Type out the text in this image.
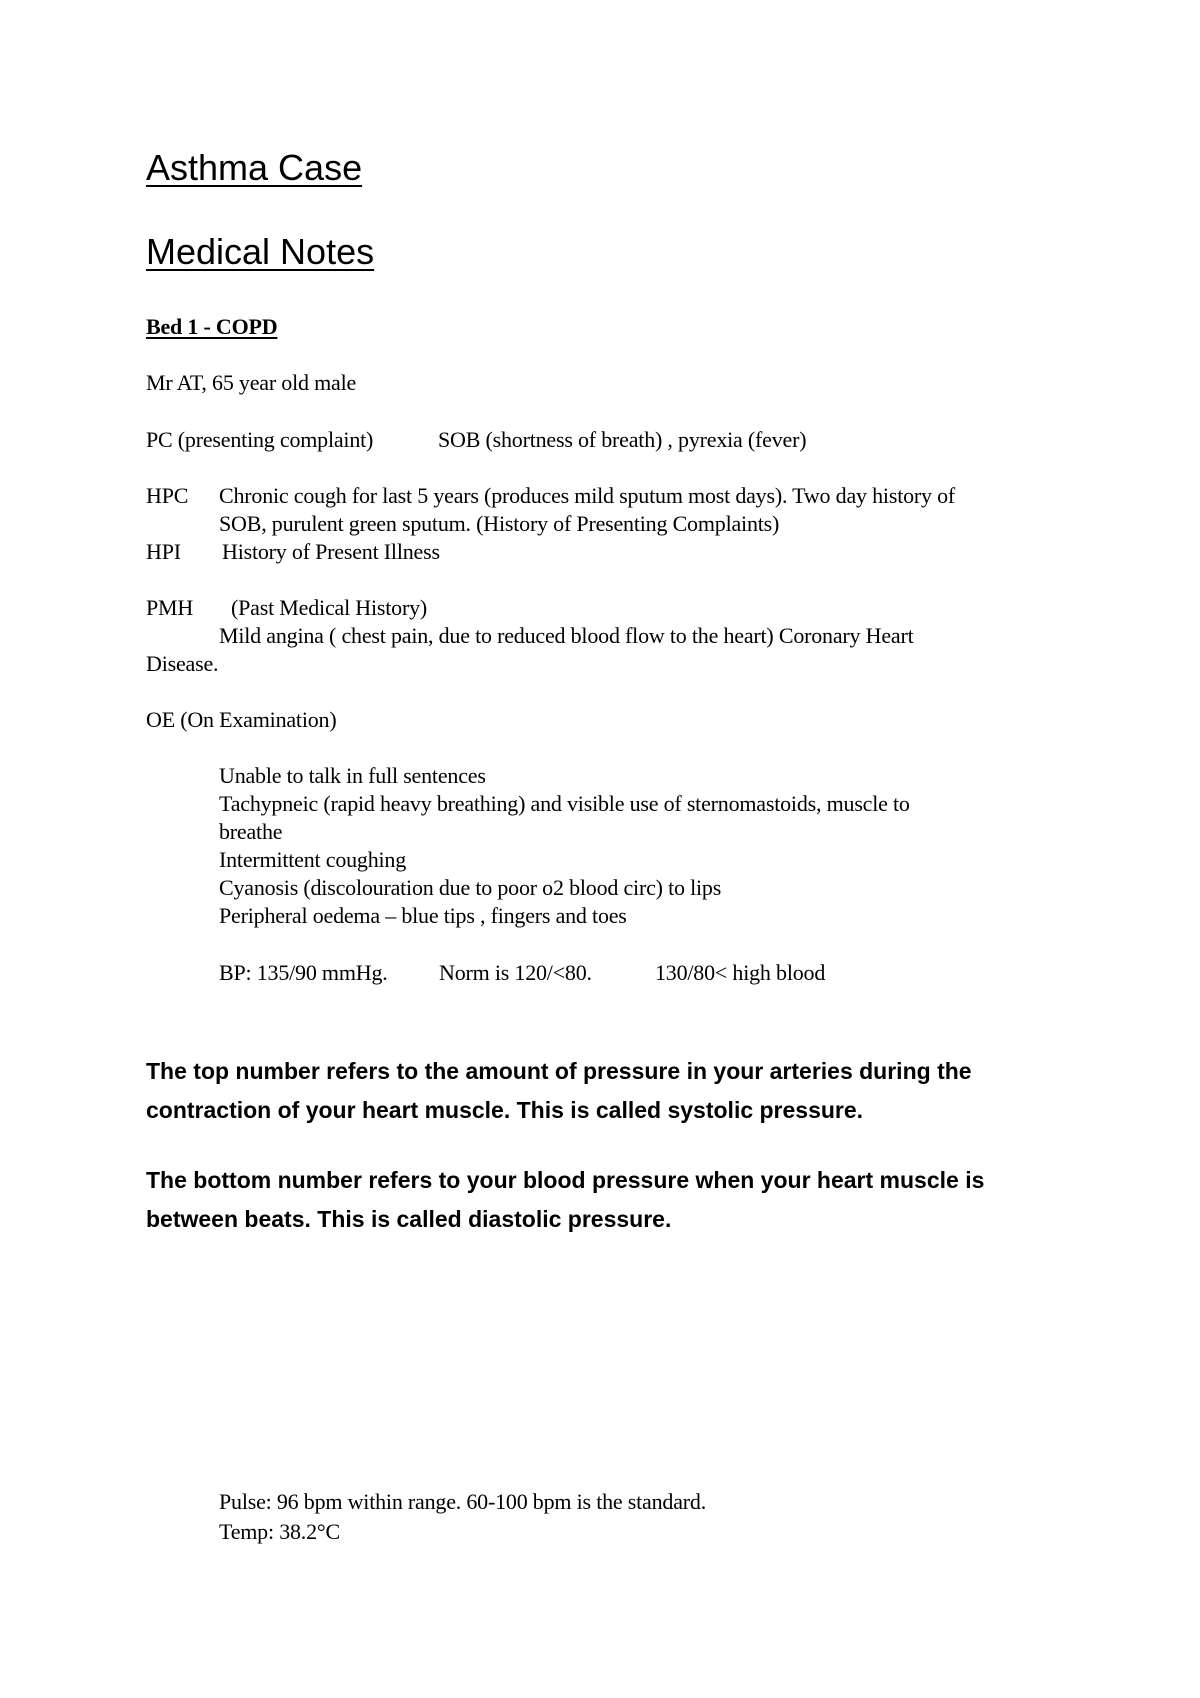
Asthma Case
Medical Notes
Bed 1 - COPD
Mr AT, 65 year old male
PC (presenting complaint)	SOB (shortness of breath) , pyrexia (fever)
HPC Chronic cough for last 5 years (produces mild sputum most days). Two day history of
SOB, purulent green sputum. (History of Presenting Complaints)
HPI History of Present Illness
PMH (Past Medical History)
Mild angina ( chest pain, due to reduced blood flow to the heart) Coronary Heart
Disease.
OE (On Examination)
Unable to talk in full sentences
Tachypneic (rapid heavy breathing) and visible use of sternomastoids, muscle to
breathe
Intermittent coughing
Cyanosis (discolouration due to poor o2 blood circ) to lips
Peripheral oedema – blue tips , fingers and toes
BP: 135/90 mmHg. Norm is 120/<80.	130/80< high blood
The top number refers to the amount of pressure in your arteries during the contraction of your heart muscle. This is called systolic pressure.
The bottom number refers to your blood pressure when your heart muscle is between beats. This is called diastolic pressure.
Pulse: 96 bpm within range. 60-100 bpm is the standard.
Temp: 38.2°C
